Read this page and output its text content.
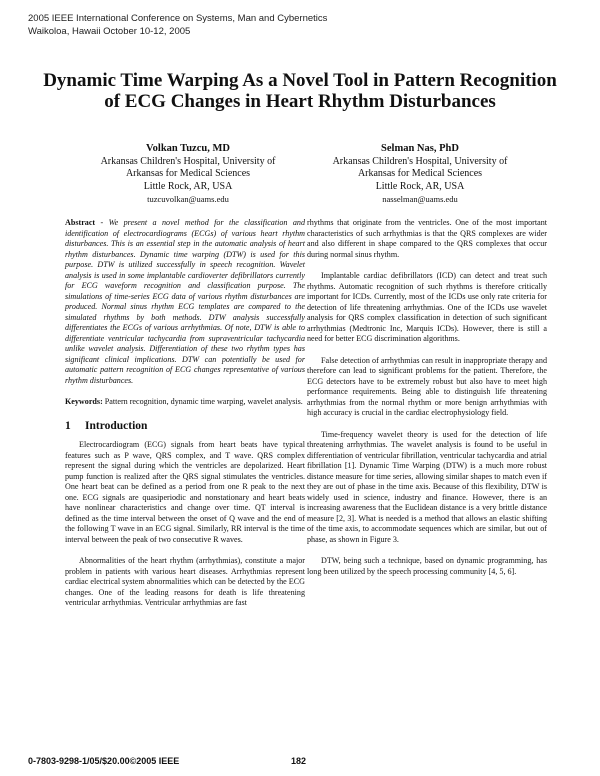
2005 IEEE International Conference on Systems, Man and Cybernetics
Waikoloa, Hawaii October 10-12, 2005
Dynamic Time Warping As a Novel Tool in Pattern Recognition of ECG Changes in Heart Rhythm Disturbances
Volkan Tuzcu, MD
Arkansas Children's Hospital, University of
Arkansas for Medical Sciences
Little Rock, AR, USA
tuzcuvolkan@uams.edu
Selman Nas, PhD
Arkansas Children's Hospital, University of
Arkansas for Medical Sciences
Little Rock, AR, USA
nasselman@uams.edu

Abstract - We present a novel method for the classification and identification of electrocardiograms (ECGs) of various heart rhythm disturbances. This is an essential step in the automatic analysis of heart rhythm disturbances. Dynamic time warping (DTW) is used for this purpose. DTW is utilized successfully in speech recognition. Wavelet analysis is used in some implantable cardioverter defibrillators currently for ECG waveform recognition and classification purpose. The simulations of time-series ECG data of various rhythm disturbances are produced. Normal sinus rhythm ECG templates are compared to the simulated rhythms by both methods. DTW analysis successfully differentiates the ECGs of various arrhythmias. Of note, DTW is able to differentiate ventricular tachycardia from supraventricular tachycardia unlike wavelet analysis. Differentiation of these two rhythm types has significant clinical implications. DTW can potentially be used for automatic pattern recognition of ECG changes representative of various rhythm disturbances.

Keywords: Pattern recognition, dynamic time warping, wavelet analysis.

1 Introduction

Electrocardiogram (ECG) signals from heart beats have typical features such as P wave, QRS complex, and T wave. QRS complex represent the signal during which the ventricles are depolarized. Heart pump function is realized after the QRS signal stimulates the ventricles. One heart beat can be defined as a period from one R peak to the next one. ECG signals are quasiperiodic and nonstationary and heart beats have nonlinear characteristics and change over time. QT interval is defined as the time interval between the onset of Q wave and the end of the following T wave in an ECG signal. Similarly, RR interval is the time interval between the peak of two consecutive R waves.

Abnormalities of the heart rhythm (arrhythmias), constitute a major problem in patients with various heart diseases. Arrhythmias represent cardiac electrical system abnormalities which can be detected by the ECG changes. One of the leading reasons for death is life threatening ventricular arrhythmias. Ventricular arrhythmias are fast

rhythms that originate from the ventricles. One of the most important characteristics of such arrhythmias is that the QRS complexes are wider and also different in shape compared to the QRS complexes that occur during normal sinus rhythm.

Implantable cardiac defibrillators (ICD) can detect and treat such rhythms. Automatic recognition of such rhythms is therefore critically important for ICDs. Currently, most of the ICDs use only rate criteria for detection of life threatening arrhythmias. One of the ICDs use wavelet analysis for QRS complex classification in detection of such significant arrhythmias (Medtronic Inc, Marquis ICDs). However, there is still a need for better ECG discrimination algorithms.

False detection of arrhythmias can result in inappropriate therapy and therefore can lead to significant problems for the patient. Therefore, the ECG detectors have to be extremely robust but also have to meet high performance requirements. Being able to distinguish life threatening arrhythmias from the normal rhythm or more benign arrhythmias with high accuracy is crucial in the cardiac electrophysiology field.

Time-frequency wavelet theory is used for the detection of life threatening arrhythmias. The wavelet analysis is found to be useful in differentiation of ventricular fibrillation, ventricular tachycardia and atrial fibrillation [1]. Dynamic Time Warping (DTW) is a much more robust distance measure for time series, allowing similar shapes to match even if they are out of phase in the time axis. Because of this flexibility, DTW is widely used in science, industry and finance. However, there is an increasing awareness that the Euclidean distance is a very brittle distance measure [2, 3]. What is needed is a method that allows an elastic shifting of the time axis, to accommodate sequences which are similar, but out of phase, as shown in Figure 3.

DTW, being such a technique, based on dynamic programming, has long been utilized by the speech processing community [4, 5, 6].

0-7803-9298-1/05/$20.00©2005 IEEE	182
